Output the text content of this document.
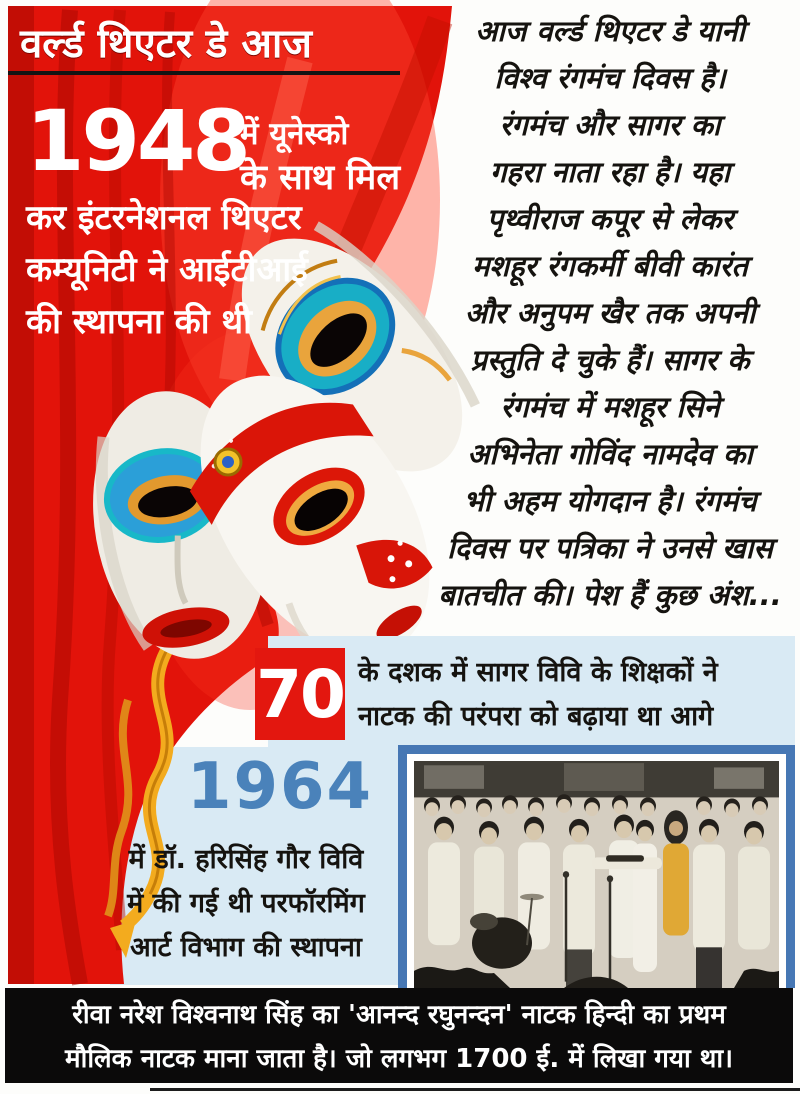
वर्ल्ड थिएटर डे आज
1948
में यूनेस्को
के साथ मिल
कर इंटरनेशनल थिएटर
कम्यूनिटी ने आईटीआई
की स्थापना की थी
आज वर्ल्ड थिएटर डे यानी
विश्व रंगमंच दिवस है।
रंगमंच और सागर का
गहरा नाता रहा है। यहा
पृथ्वीराज कपूर से लेकर
मशहूर रंगकर्मी बीवी कारंत
और अनुपम खैर तक अपनी
प्रस्तुति दे चुके हैं। सागर के
रंगमंच में मशहूर सिने
अभिनेता गोविंद नामदेव का
भी अहम योगदान है। रंगमंच
दिवस पर पत्रिका ने उनसे खास
बातचीत की। पेश हैं कुछ अंश...
70 के दशक में सागर विवि के शिक्षकों ने
नाटक की परंपरा को बढ़ाया था आगे
1964
में डॉ. हरिसिंह गौर विवि
में की गई थी परफॉरमिंग
आर्ट विभाग की स्थापना
रीवा नरेश विश्वनाथ सिंह का 'आनन्द रघुनन्दन' नाटक हिन्दी का प्रथम
मौलिक नाटक माना जाता है। जो लगभग 1700 ई. में लिखा गया था।
